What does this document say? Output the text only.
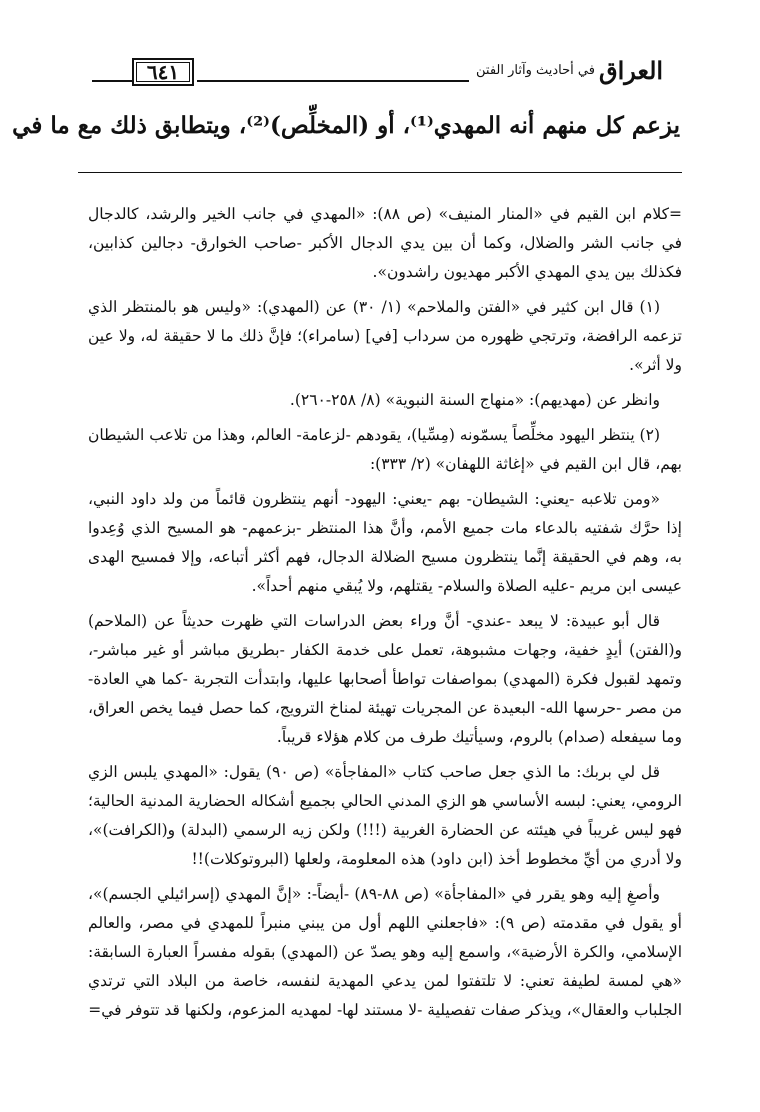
٦٤١	العراق
في أحاديث وآثار الفتن
يزعم كل منهم أنه المهدي⁽¹⁾، أو (المخلِّص)⁽²⁾، ويتطابق ذلك مع ما في

=كلام ابن القيم في «المنار المنيف» (ص ٨٨): «المهدي في جانب الخير والرشد، كالدجال في جانب الشر والضلال، وكما أن بين يدي الدجال الأكبر -صاحب الخوارق- دجالين كذابين، فكذلك بين يدي المهدي الأكبر مهديون راشدون».

(١) قال ابن كثير في «الفتن والملاحم» (١/ ٣٠) عن (المهدي): «وليس هو بالمنتظر الذي تزعمه الرافضة، وترتجي ظهوره من سرداب [في] (سامراء)؛ فإنَّ ذلك ما لا حقيقة له، ولا عين ولا أثر».

وانظر عن (مهديهم): «منهاج السنة النبوية» (٨/ ٢٥٨-٢٦٠).

(٢) ينتظر اليهود مخلِّصاً يسمّونه (مِسِّيا)، يقودهم -لزعامة- العالم، وهذا من تلاعب الشيطان بهم، قال ابن القيم في «إغاثة اللهفان» (٢/ ٣٣٣):

«ومن تلاعبه -يعني: الشيطان- بهم -يعني: اليهود- أنهم ينتظرون قائماً من ولد داود النبي، إذا حرَّك شفتيه بالدعاء مات جميع الأمم، وأنَّ هذا المنتظر -بزعمهم- هو المسيح الذي وُعِدوا به، وهم في الحقيقة إنَّما ينتظرون مسيح الضلالة الدجال، فهم أكثر أتباعه، وإلا فمسيح الهدى عيسى ابن مريم -عليه الصلاة والسلام- يقتلهم، ولا يُبقي منهم أحداً».

قال أبو عبيدة: لا يبعد -عندي- أنَّ وراء بعض الدراسات التي ظهرت حديثاً عن (الملاحم) و(الفتن) أيدٍ خفية، وجهات مشبوهة، تعمل على خدمة الكفار -بطريق مباشر أو غير مباشر-، وتمهد لقبول فكرة (المهدي) بمواصفات تواطأ أصحابها عليها، وابتدأت التجربة -كما هي العادة- من مصر -حرسها الله- البعيدة عن المجريات تهيئة لمناخ الترويج، كما حصل فيما يخص العراق، وما سيفعله (صدام) بالروم، وسيأتيك طرف من كلام هؤلاء قريباً.

قل لي بربك: ما الذي جعل صاحب كتاب «المفاجأة» (ص ٩٠) يقول: «المهدي يلبس الزي الرومي، يعني: لبسه الأساسي هو الزي المدني الحالي بجميع أشكاله الحضارية المدنية الحالية؛ فهو ليس غريباً في هيئته عن الحضارة الغربية (!!!) ولكن زيه الرسمي (البدلة) و(الكرافت)»، ولا أدري من أيِّ مخطوط أخذ (ابن داود) هذه المعلومة، ولعلها (البروتوكلات)!!

وأصغِ إليه وهو يقرر في «المفاجأة» (ص ٨٨-٨٩) -أيضاً-: «إنَّ المهدي (إسرائيلي الجسم)»، أو يقول في مقدمته (ص ٩): «فاجعلني اللهم أول من يبني منبراً للمهدي في مصر، والعالم الإسلامي، والكرة الأرضية»، واسمع إليه وهو يصدّ عن (المهدي) بقوله مفسراً العبارة السابقة: «هي لمسة لطيفة تعني: لا تلتفتوا لمن يدعي المهدية لنفسه، خاصة من البلاد التي ترتدي الجلباب والعقال»، ويذكر صفات تفصيلية -لا مستند لها- لمهديه المزعوم، ولكنها قد تتوفر في=
